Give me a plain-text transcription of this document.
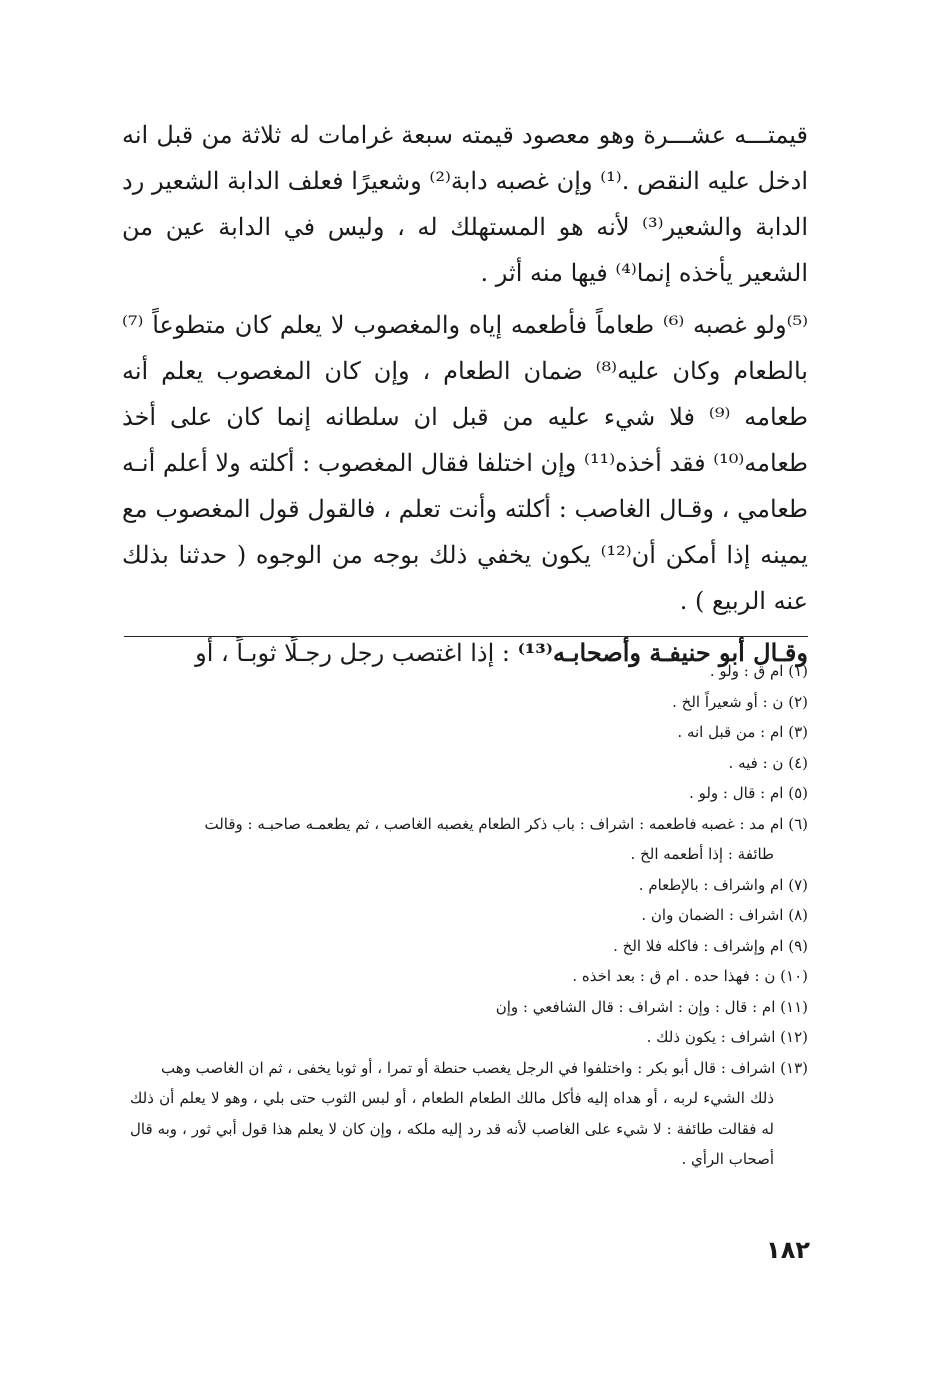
قيمتـــه عشـــرة وهو معصود قيمته سبعة غرامات له ثلاثة من قبل انه ادخل عليه النقص .⁽¹⁾ وإن غصبه دابة⁽²⁾ وشعيرًا فعلف الدابة الشعير رد الدابة والشعير⁽³⁾ لأنه هو المستهلك له ، وليس في الدابة عين من الشعير يأخذه إنما⁽⁴⁾ فيها منه أثر .

⁽⁵⁾ولو غصبه ⁽⁶⁾ طعاماً فأطعمه إياه والمغصوب لا يعلم كان متطوعاً ⁽⁷⁾ بالطعام وكان عليه⁽⁸⁾ ضمان الطعام ، وإن كان المغصوب يعلم أنه طعامه ⁽⁹⁾ فلا شيء عليه من قبل ان سلطانه إنما كان على أخذ طعامه⁽¹⁰⁾ فقد أخذه⁽¹¹⁾ وإن اختلفا فقال المغصوب : أكلته ولا أعلم أنـه طعامي ، وقـال الغاصب : أكلته وأنت تعلم ، فالقول قول المغصوب مع يمينه إذا أمكن أن⁽¹²⁾ يكون يخفي ذلك بوجه من الوجوه ( حدثنا بذلك عنه الربيع ) .

وقـال أبو حنيفـة وأصحابـه⁽¹³⁾ : إذا اغتصب رجل رجـلًا ثوبـاً ، أو

(١) ام ق : ولو .

(٢) ن : أو شعيراً الخ .

(٣) ام : من قبل انه .

(٤) ن : فيه .

(٥) ام : قال : ولو .

(٦) ام مد : غصبه فاطعمه : اشراف : باب ذكر الطعام يغصبه الغاصب ، ثم يطعمـه صاحبـه : وقالت
طائفة : إذا أطعمه الخ .

(٧) ام واشراف : بالإطعام .

(٨) اشراف : الضمان وان .

(٩) ام وإشراف : فاكله فلا الخ .

(١٠) ن : فهذا حده . ام ق : بعد اخذه .

(١١) ام : قال : وإن : اشراف : قال الشافعي : وإن

(١٢) اشراف : يكون ذلك .

(١٣) اشراف : قال أبو بكر : واختلفوا في الرجل يغصب حنطة أو تمرا ، أو ثوبا يخفى ، ثم ان الغاصب وهب
ذلك الشيء لربه ، أو هداه إليه فأكل مالك الطعام الطعام ، أو لبس الثوب حتى بلي ، وهو لا يعلم أن ذلك له فقالت طائفة : لا شيء على الغاصب لأنه قد رد إليه ملكه ، وإن كان لا يعلم هذا قول أبي ثور ، وبه قال أصحاب الرأي .

١٨٢
